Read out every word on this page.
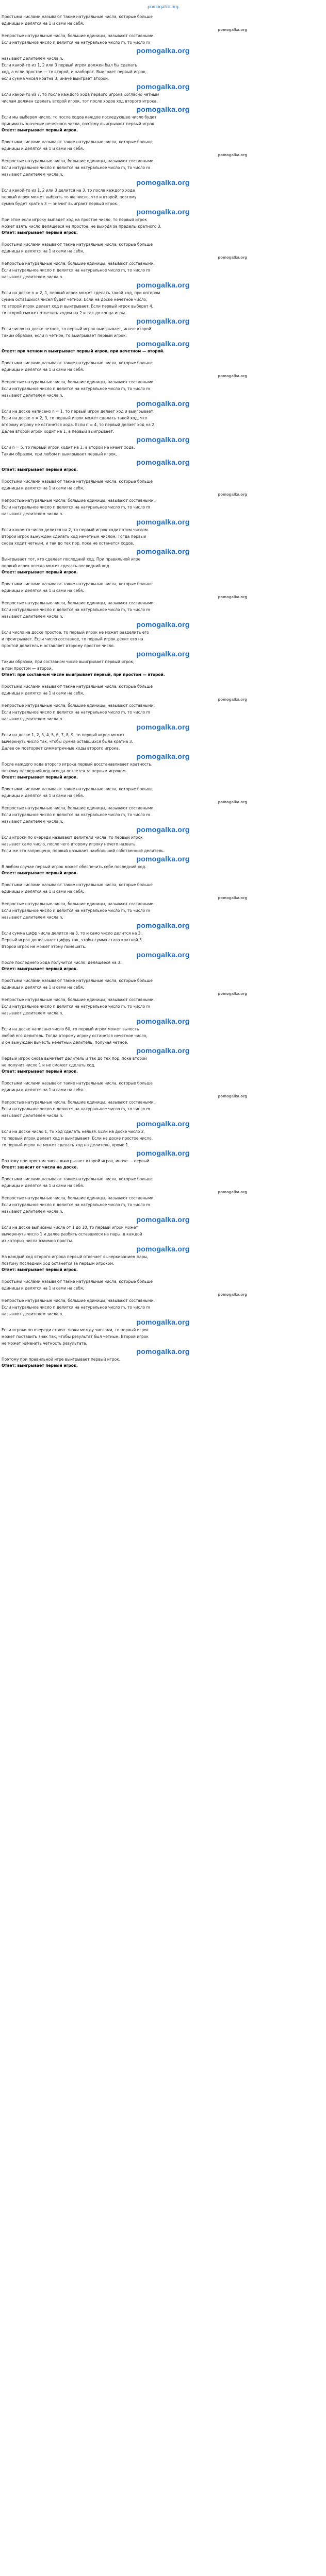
pomogalka.org
Простыми числами называют такие натуральные числа, которые больше
единицы и делятся на 1 и сами на себя.
pomogalka.org
Непростые натуральные числа, большие единицы, называют составными.
Если натуральное число n делится на натуральное число m, то число m
pomogalka.org
называют делителем числа n.
Если какой-то из 1, 2 или 3 первый игрок должен был бы сделать
ход, а если простое — то второй, и наоборот. Выиграет первый игрок,
если сумма чисел кратна 3, иначе выиграет второй.
pomogalka.org
Если какой-то из 7, то после каждого хода первого игрока согласно четным
числам должен сделать второй игрок, тот после ходов ход второго игрока.
pomogalka.org
Если мы выберем число, то после ходов каждое последующее число будет
принимать значение нечетного числа, поэтому выигрывает первый игрок.
Ответ: выигрывает первый игрок.
Простыми числами называют такие натуральные числа, которые больше
единицы и делятся на 1 и сами на себя.
pomogalka.org
Непростые натуральные числа, большие единицы, называют составными.
Если натуральное число n делится на натуральное число m, то число m
называют делителем числа n.
pomogalka.org
Если какой-то из 1, 2 или 3 делится на 3, то после каждого хода
первый игрок может выбрать то же число, что и второй, поэтому
сумма будет кратна 3 — значит выиграет первый игрок.
pomogalka.org
При этом если игроку выпадет ход на простое число, то первый игрок
может взять число делящееся на простое, не выходя за пределы кратного 3.
Ответ: выигрывает первый игрок.
Простыми числами называют такие натуральные числа, которые больше
единицы и делятся на 1 и сами на себя.
pomogalka.org
Непростые натуральные числа, большие единицы, называют составными.
Если натуральное число n делится на натуральное число m, то число m
называют делителем числа n.
pomogalka.org
Если на доске n = 2, 1, первый игрок может сделать такой ход, при котором
сумма оставшихся чисел будет четной. Если на доске нечетное число,
то второй игрок делает ход и выигрывает. Если первый игрок выберет 4,
то второй сможет ответить ходом на 2 и так до конца игры.
pomogalka.org
Если число на доске четное, то первый игрок выигрывает, иначе второй.
Таким образом, если n четное, то выигрывает первый игрок.
pomogalka.org
Ответ: при четном n выигрывает первый игрок, при нечетном — второй.
Простыми числами называют такие натуральные числа, которые больше
единицы и делятся на 1 и сами на себя.
pomogalka.org
Непростые натуральные числа, большие единицы, называют составными.
Если натуральное число n делится на натуральное число m, то число m
называют делителем числа n.
pomogalka.org
Если на доске написано n = 1, то первый игрок делает ход и выигрывает.
Если на доске n = 2, 3, то первый игрок может сделать такой ход, что
второму игроку не останется хода. Если n = 4, то первый делает ход на 2.
Далее второй игрок ходит на 1, а первый выигрывает.
pomogalka.org
Если n = 5, то первый игрок ходит на 1, а второй не имеет хода.
Таким образом, при любом n выигрывает первый игрок.
pomogalka.org
Ответ: выигрывает первый игрок.
Простыми числами называют такие натуральные числа, которые больше
единицы и делятся на 1 и сами на себя.
pomogalka.org
Непростые натуральные числа, большие единицы, называют составными.
Если натуральное число n делится на натуральное число m, то число m
называют делителем числа n.
pomogalka.org
Если какое-то число делится на 2, то первый игрок ходит этим числом.
Второй игрок вынужден сделать ход нечетным числом. Тогда первый
снова ходит четным, и так до тех пор, пока не останется ходов.
pomogalka.org
Выигрывает тот, кто сделает последний ход. При правильной игре
первый игрок всегда может сделать последний ход.
Ответ: выигрывает первый игрок.
Простыми числами называют такие натуральные числа, которые больше
единицы и делятся на 1 и сами на себя.
pomogalka.org
Непростые натуральные числа, большие единицы, называют составными.
Если натуральное число n делится на натуральное число m, то число m
называют делителем числа n.
pomogalka.org
Если число на доске простое, то первый игрок не может разделить его
и проигрывает. Если число составное, то первый игрок делит его на
простой делитель и оставляет второму простое число.
pomogalka.org
Таким образом, при составном числе выигрывает первый игрок,
а при простом — второй.
Ответ: при составном числе выигрывает первый, при простом — второй.
Простыми числами называют такие натуральные числа, которые больше
единицы и делятся на 1 и сами на себя.
pomogalka.org
Непростые натуральные числа, большие единицы, называют составными.
Если натуральное число n делится на натуральное число m, то число m
называют делителем числа n.
pomogalka.org
Если на доске 1, 2, 3, 4, 5, 6, 7, 8, 9, то первый игрок может
вычеркнуть число так, чтобы сумма оставшихся была кратна 3.
Далее он повторяет симметричные ходы второго игрока.
pomogalka.org
После каждого хода второго игрока первый восстанавливает кратность,
поэтому последний ход всегда остается за первым игроком.
Ответ: выигрывает первый игрок.
Простыми числами называют такие натуральные числа, которые больше
единицы и делятся на 1 и сами на себя.
pomogalka.org
Непростые натуральные числа, большие единицы, называют составными.
Если натуральное число n делится на натуральное число m, то число m
называют делителем числа n.
pomogalka.org
Если игроки по очереди называют делители числа, то первый игрок
называет само число, после чего второму игроку нечего назвать.
Если же это запрещено, первый называет наибольший собственный делитель.
pomogalka.org
В любом случае первый игрок может обеспечить себе последний ход.
Ответ: выигрывает первый игрок.
Простыми числами называют такие натуральные числа, которые больше
единицы и делятся на 1 и сами на себя.
pomogalka.org
Непростые натуральные числа, большие единицы, называют составными.
Если натуральное число n делится на натуральное число m, то число m
называют делителем числа n.
pomogalka.org
Если сумма цифр числа делится на 3, то и само число делится на 3.
Первый игрок дописывает цифру так, чтобы сумма стала кратной 3.
Второй игрок не может этому помешать.
pomogalka.org
После последнего хода получится число, делящееся на 3.
Ответ: выигрывает первый игрок.
Простыми числами называют такие натуральные числа, которые больше
единицы и делятся на 1 и сами на себя.
pomogalka.org
Непростые натуральные числа, большие единицы, называют составными.
Если натуральное число n делится на натуральное число m, то число m
называют делителем числа n.
pomogalka.org
Если на доске написано число 60, то первый игрок может вычесть
любой его делитель. Тогда второму игроку останется нечетное число,
и он вынужден вычесть нечетный делитель, получая четное.
pomogalka.org
Первый игрок снова вычитает делитель и так до тех пор, пока второй
не получит число 1 и не сможет сделать ход.
Ответ: выигрывает первый игрок.
Простыми числами называют такие натуральные числа, которые больше
единицы и делятся на 1 и сами на себя.
pomogalka.org
Непростые натуральные числа, большие единицы, называют составными.
Если натуральное число n делится на натуральное число m, то число m
называют делителем числа n.
pomogalka.org
Если на доске число 1, то ход сделать нельзя. Если на доске число 2,
то первый игрок делает ход и выигрывает. Если на доске простое число,
то первый игрок не может сделать ход на делитель, кроме 1.
pomogalka.org
Поэтому при простом числе выигрывает второй игрок, иначе — первый.
Ответ: зависит от числа на доске.
Простыми числами называют такие натуральные числа, которые больше
единицы и делятся на 1 и сами на себя.
pomogalka.org
Непростые натуральные числа, большие единицы, называют составными.
Если натуральное число n делится на натуральное число m, то число m
называют делителем числа n.
pomogalka.org
Если на доске выписаны числа от 1 до 10, то первый игрок может
вычеркнуть число 1 и далее разбить оставшиеся на пары, в каждой
из которых числа взаимно просты.
pomogalka.org
На каждый ход второго игрока первый отвечает вычеркиванием пары,
поэтому последний ход останется за первым игроком.
Ответ: выигрывает первый игрок.
Простыми числами называют такие натуральные числа, которые больше
единицы и делятся на 1 и сами на себя.
pomogalka.org
Непростые натуральные числа, большие единицы, называют составными.
Если натуральное число n делится на натуральное число m, то число m
называют делителем числа n.
pomogalka.org
Если игроки по очереди ставят знаки между числами, то первый игрок
может поставить знак так, чтобы результат был четным. Второй игрок
не может изменить четность результата.
pomogalka.org
Поэтому при правильной игре выигрывает первый игрок.
Ответ: выигрывает первый игрок.
